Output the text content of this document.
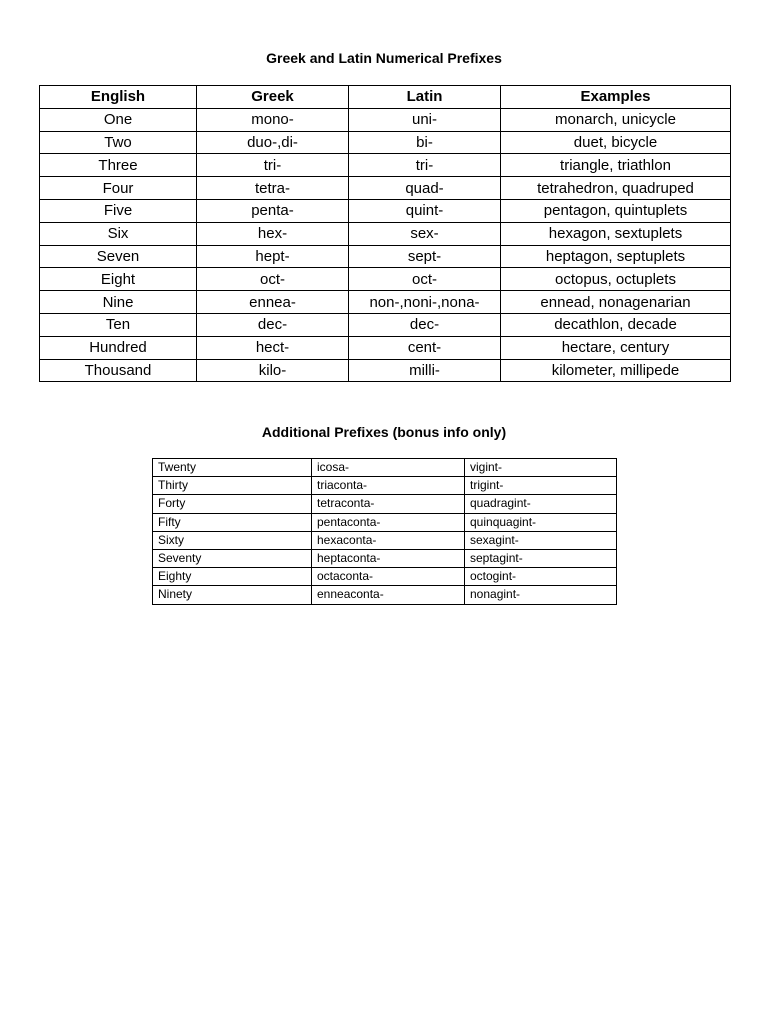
Greek and Latin Numerical Prefixes
English	Greek	Latin	Examples
One	mono-	uni-	monarch, unicycle
Two	duo-,di-	bi-	duet, bicycle
Three	tri-	tri-	triangle, triathlon
Four	tetra-	quad-	tetrahedron, quadruped
Five	penta-	quint-	pentagon, quintuplets
Six	hex-	sex-	hexagon, sextuplets
Seven	hept-	sept-	heptagon, septuplets
Eight	oct-	oct-	octopus, octuplets
Nine	ennea-	non-,noni-,nona-	ennead, nonagenarian
Ten	dec-	dec-	decathlon, decade
Hundred	hect-	cent-	hectare, century
Thousand	kilo-	milli-	kilometer, millipede
Additional Prefixes (bonus info only)
Twenty	icosa-	vigint-
Thirty	triaconta-	trigint-
Forty	tetraconta-	quadragint-
Fifty	pentaconta-	quinquagint-
Sixty	hexaconta-	sexagint-
Seventy	heptaconta-	septagint-
Eighty	octaconta-	octogint-
Ninety	enneaconta-	nonagint-
